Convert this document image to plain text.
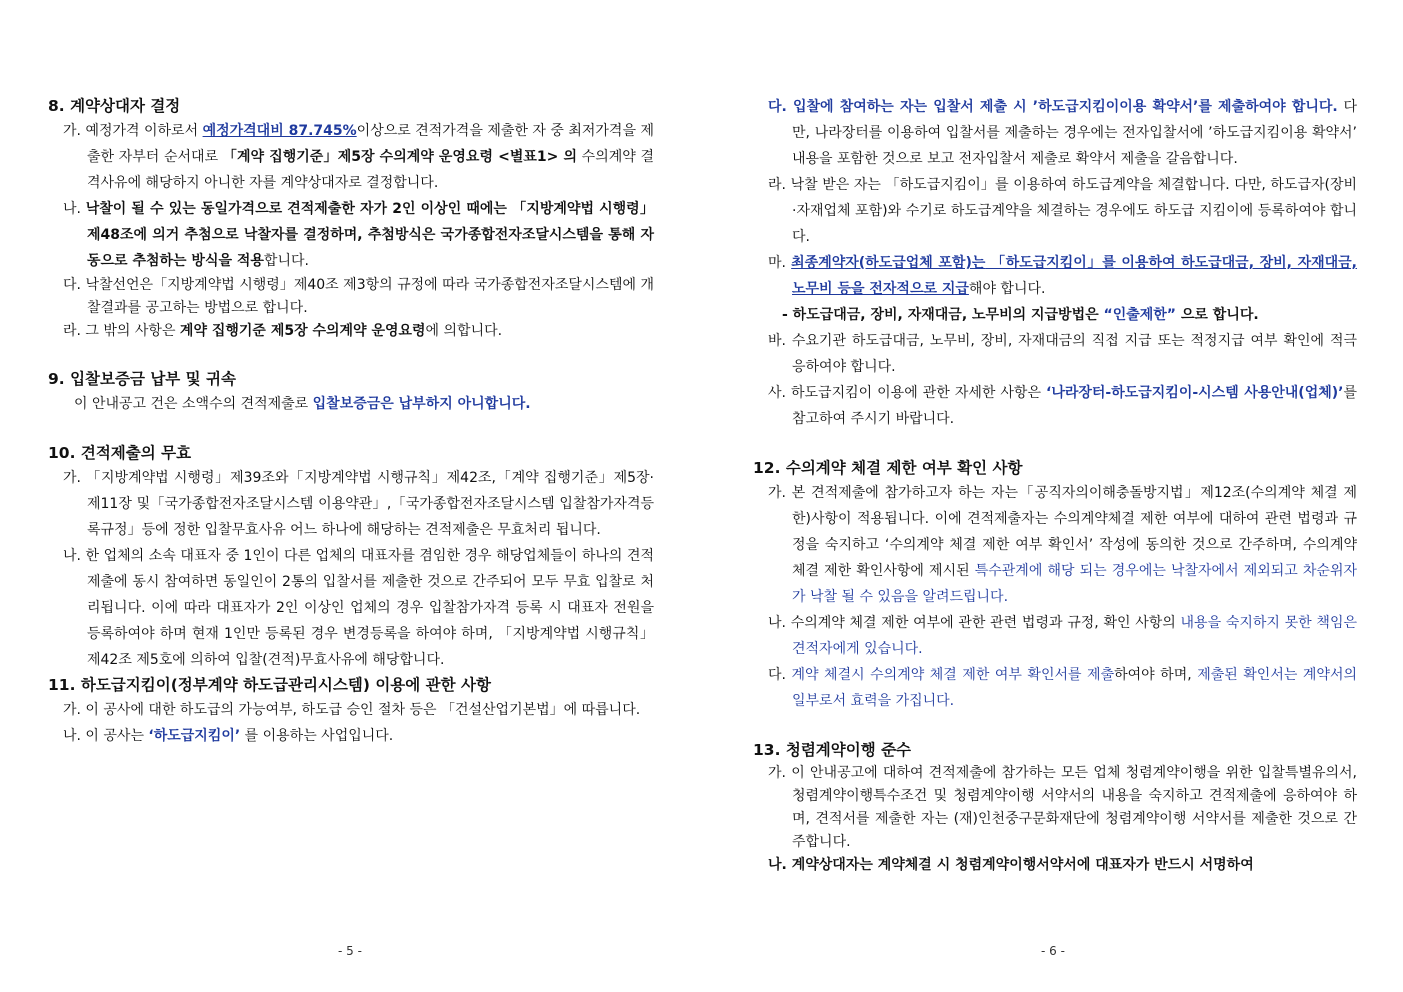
8. 계약상대자 결정
가. 예정가격 이하로서 예정가격대비 87.745%이상으로 견적가격을 제출한 자 중 최저가격을 제출한 자부터 순서대로 「계약 집행기준」제5장 수의계약 운영요령 <별표1> 의 수의계약 결격사유에 해당하지 아니한 자를 계약상대자로 결정합니다.
나. 낙찰이 될 수 있는 동일가격으로 견적제출한 자가 2인 이상인 때에는 「지방계약법 시행령」제48조에 의거 추첨으로 낙찰자를 결정하며, 추첨방식은 국가종합전자조달시스템을 통해 자동으로 추첨하는 방식을 적용합니다.
다. 낙찰선언은「지방계약법 시행령」제40조 제3항의 규정에 따라 국가종합전자조달시스템에 개찰결과를 공고하는 방법으로 합니다.
라. 그 밖의 사항은 계약 집행기준 제5장 수의계약 운영요령에 의합니다.
9. 입찰보증금 납부 및 귀속
이 안내공고 건은 소액수의 견적제출로 입찰보증금은 납부하지 아니합니다.
10. 견적제출의 무효
가. 「지방계약법 시행령」제39조와「지방계약법 시행규칙」제42조,「계약 집행기준」제5장·제11장 및「국가종합전자조달시스템 이용약관」,「국가종합전자조달시스템 입찰참가자격등록규정」등에 정한 입찰무효사유 어느 하나에 해당하는 견적제출은 무효처리 됩니다.
나. 한 업체의 소속 대표자 중 1인이 다른 업체의 대표자를 겸임한 경우 해당업체들이 하나의 견적제출에 동시 참여하면 동일인이 2통의 입찰서를 제출한 것으로 간주되어 모두 무효 입찰로 처리됩니다. 이에 따라 대표자가 2인 이상인 업체의 경우 입찰참가자격 등록 시 대표자 전원을 등록하여야 하며 현재 1인만 등록된 경우 변경등록을 하여야 하며, 「지방계약법 시행규칙」제42조 제5호에 의하여 입찰(견적)무효사유에 해당합니다.
11. 하도급지킴이(정부계약 하도급관리시스템) 이용에 관한 사항
가. 이 공사에 대한 하도급의 가능여부, 하도급 승인 절차 등은 「건설산업기본법」에 따릅니다.
나. 이 공사는 ‘하도급지킴이’ 를 이용하는 사업입니다.
- 5 -
다. 입찰에 참여하는 자는 입찰서 제출 시 ’하도급지킴이이용 확약서’를 제출하여야 합니다. 다만, 나라장터를 이용하여 입찰서를 제출하는 경우에는 전자입찰서에 ’하도급지킴이용 확약서’ 내용을 포함한 것으로 보고 전자입찰서 제출로 확약서 제출을 갈음합니다.
라. 낙찰 받은 자는 「하도급지킴이」를 이용하여 하도급계약을 체결합니다. 다만, 하도급자(장비·자재업체 포함)와 수기로 하도급계약을 체결하는 경우에도 하도급 지킴이에 등록하여야 합니다.
마. 최종계약자(하도급업체 포함)는 「하도급지킴이」를 이용하여 하도급대금, 장비, 자재대금, 노무비 등을 전자적으로 지급해야 합니다.
- 하도급대금, 장비, 자재대금, 노무비의 지급방법은 “인출제한” 으로 합니다.
바. 수요기관 하도급대금, 노무비, 장비, 자재대금의 직접 지급 또는 적정지급 여부 확인에 적극 응하여야 합니다.
사. 하도급지킴이 이용에 관한 자세한 사항은 ‘나라장터-하도급지킴이-시스템 사용안내(업체)’를 참고하여 주시기 바랍니다.
12. 수의계약 체결 제한 여부 확인 사항
가. 본 견적제출에 참가하고자 하는 자는「공직자의이해충돌방지법」제12조(수의계약 체결 제한)사항이 적용됩니다. 이에 견적제출자는 수의계약체결 제한 여부에 대하여 관련 법령과 규정을 숙지하고 ‘수의계약 체결 제한 여부 확인서’ 작성에 동의한 것으로 간주하며, 수의계약 체결 제한 확인사항에 제시된 특수관계에 해당 되는 경우에는 낙찰자에서 제외되고 차순위자가 낙찰 될 수 있음을 알려드립니다.
나. 수의계약 체결 제한 여부에 관한 관련 법령과 규정, 확인 사항의 내용을 숙지하지 못한 책임은 견적자에게 있습니다.
다. 계약 체결시 수의계약 체결 제한 여부 확인서를 제출하여야 하며, 제출된 확인서는 계약서의 일부로서 효력을 가집니다.
13. 청렴계약이행 준수
가. 이 안내공고에 대하여 견적제출에 참가하는 모든 업체 청렴계약이행을 위한 입찰특별유의서, 청렴계약이행특수조건 및 청렴계약이행 서약서의 내용을 숙지하고 견적제출에 응하여야 하며, 견적서를 제출한 자는 (재)인천중구문화재단에 청렴계약이행 서약서를 제출한 것으로 간주합니다.
나. 계약상대자는 계약체결 시 청렴계약이행서약서에 대표자가 반드시 서명하여
- 6 -
